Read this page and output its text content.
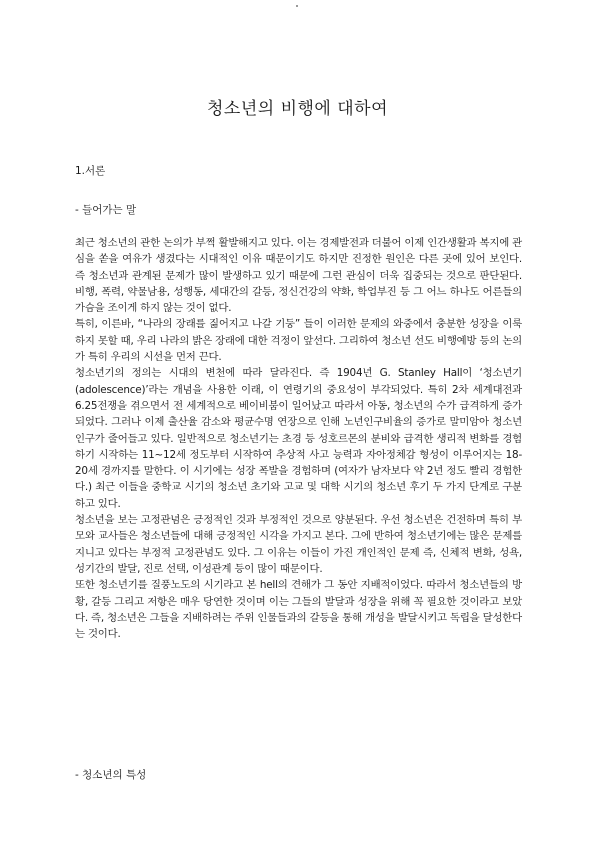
청소년의 비행에 대하여

1.서론

- 들어가는 말

최근 청소년의 관한 논의가 부쩍 활발해지고 있다. 이는 경제발전과 더불어 이제 인간생활과 복지에 관심을 쏟을 여유가 생겼다는 시대적인 이유 때문이기도 하지만 진정한 원인은 다른 곳에 있어 보인다. 즉 청소년과 관계된 문제가 많이 발생하고 있기 때문에 그런 관심이 더욱 집중되는 것으로 판단된다. 비행, 폭력, 약물남용, 성행동, 세대간의 갈등, 정신건강의 약화, 학업부진 등 그 어느 하나도 어른들의 가슴을 조이게 하지 않는 것이 없다.

특히, 이른바, “나라의 장래를 짊어지고 나갈 기둥” 들이 이러한 문제의 와중에서 충분한 성장을 이룩하지 못할 때, 우리 나라의 밝은 장래에 대한 걱정이 앞선다. 그리하여 청소년 선도 비행예방 등의 논의가 특히 우리의 시선을 먼저 끈다.

청소년기의 정의는 시대의 변천에 따라 달라진다. 즉 1904년 G. Stanley Hall이 ‘청소년기(adolescence)’라는 개념을 사용한 이래, 이 연령기의 중요성이 부각되었다. 특히 2차 세계대전과 6.25전쟁을 겪으면서 전 세계적으로 베이비붐이 일어났고 따라서 아동, 청소년의 수가 급격하게 증가되었다. 그러나 이제 출산율 감소와 평균수명 연장으로 인해 노년인구비율의 증가로 말미암아 청소년 인구가 줄어들고 있다. 일반적으로 청소년기는 초경 등 성호르몬의 분비와 급격한 생리적 변화를 경험하기 시작하는 11~12세 정도부터 시작하여 추상적 사고 능력과 자아정체감 형성이 이루어지는 18-20세 경까지를 말한다. 이 시기에는 성장 폭발을 경험하며 (여자가 남자보다 약 2년 정도 빨리 경험한다.) 최근 이들을 중학교 시기의 청소년 초기와 고교 및 대학 시기의 청소년 후기 두 가지 단계로 구분하고 있다.

청소년을 보는 고정관념은 긍정적인 것과 부정적인 것으로 양분된다. 우선 청소년은 건전하며 특히 부모와 교사들은 청소년들에 대해 긍정적인 시각을 가지고 본다. 그에 반하여 청소년기에는 많은 문제를 지니고 있다는 부정적 고정관념도 있다. 그 이유는 이들이 가진 개인적인 문제 즉, 신체적 변화, 성욕, 성기간의 발달, 진로 선택, 이성관계 등이 많이 때문이다.

또한 청소년기를 질풍노도의 시기라고 본 hell의 견해가 그 동안 지배적이었다. 따라서 청소년들의 방황, 갈등 그리고 저항은 매우 당연한 것이며 이는 그들의 발달과 성장을 위해 꼭 필요한 것이라고 보았다. 즉, 청소년은 그들을 지배하려는 주위 인물들과의 갈등을 통해 개성을 발달시키고 독립을 달성한다는 것이다.

- 청소년의 특성
